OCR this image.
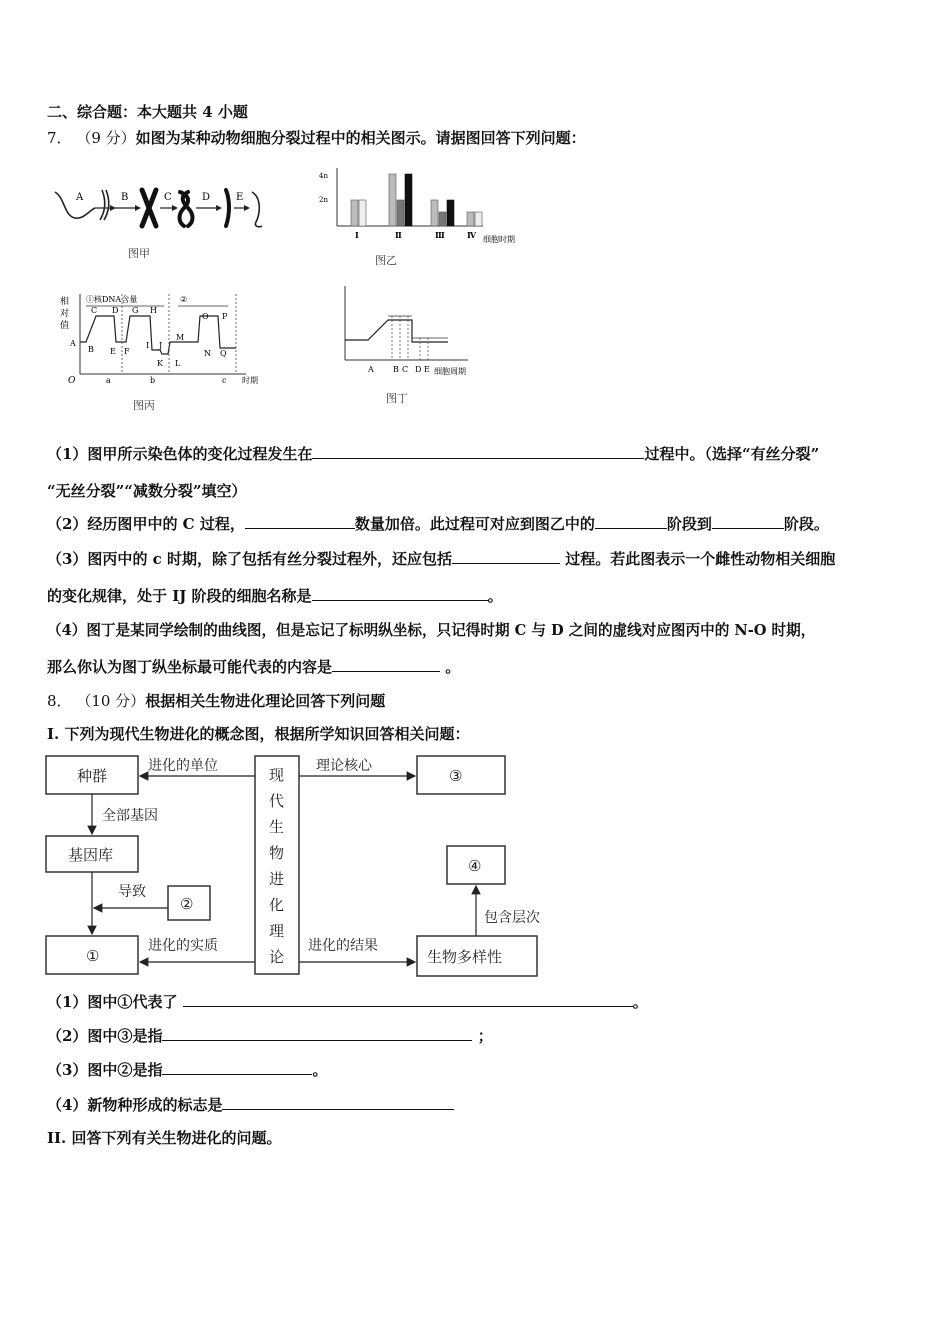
二、综合题：本大题共 4 小题
7． （9 分）如图为某种动物细胞分裂过程中的相关图示。请据图回答下列问题：
A	B	C	D	E
图甲
4n
2n
Ⅰ	Ⅱ	Ⅲ	Ⅳ 细胞时期
图乙
相
对
值
①核DNA含量	②
C D G H
O P
A
B E F
I J
M
K L
N Q
O	a	b	c 时期
图丙
A B C D E 细胞周期
图丁
（1）图甲所示染色体的变化过程发生在	过程中。（选择“有丝分裂”
“无丝分裂”“减数分裂”填空）
（2）经历图甲中的 C 过程，	数量加倍。此过程可对应到图乙中的	阶段到	阶段。
（3）图丙中的 c 时期，除了包括有丝分裂过程外，还应包括	过程。若此图表示一个雌性动物相关细胞
的变化规律，处于 IJ 阶段的细胞名称是	。
（4）图丁是某同学绘制的曲线图，但是忘记了标明纵坐标，只记得时期 C 与 D 之间的虚线对应图丙中的 N-O 时期，
那么你认为图丁纵坐标最可能代表的内容是	。
8． （10 分）根据相关生物进化理论回答下列问题
I. 下列为现代生物进化的概念图，根据所学知识回答相关问题：
种群
基因库
②
①
现
代
生
物
进
化
理
论
③
④
生物多样性
进化的单位
全部基因
导致
进化的实质
理论核心
进化的结果
包含层次
（1）图中①代表了	。
（2）图中③是指	；
（3）图中②是指	。
（4）新物种形成的标志是
II. 回答下列有关生物进化的问题。
